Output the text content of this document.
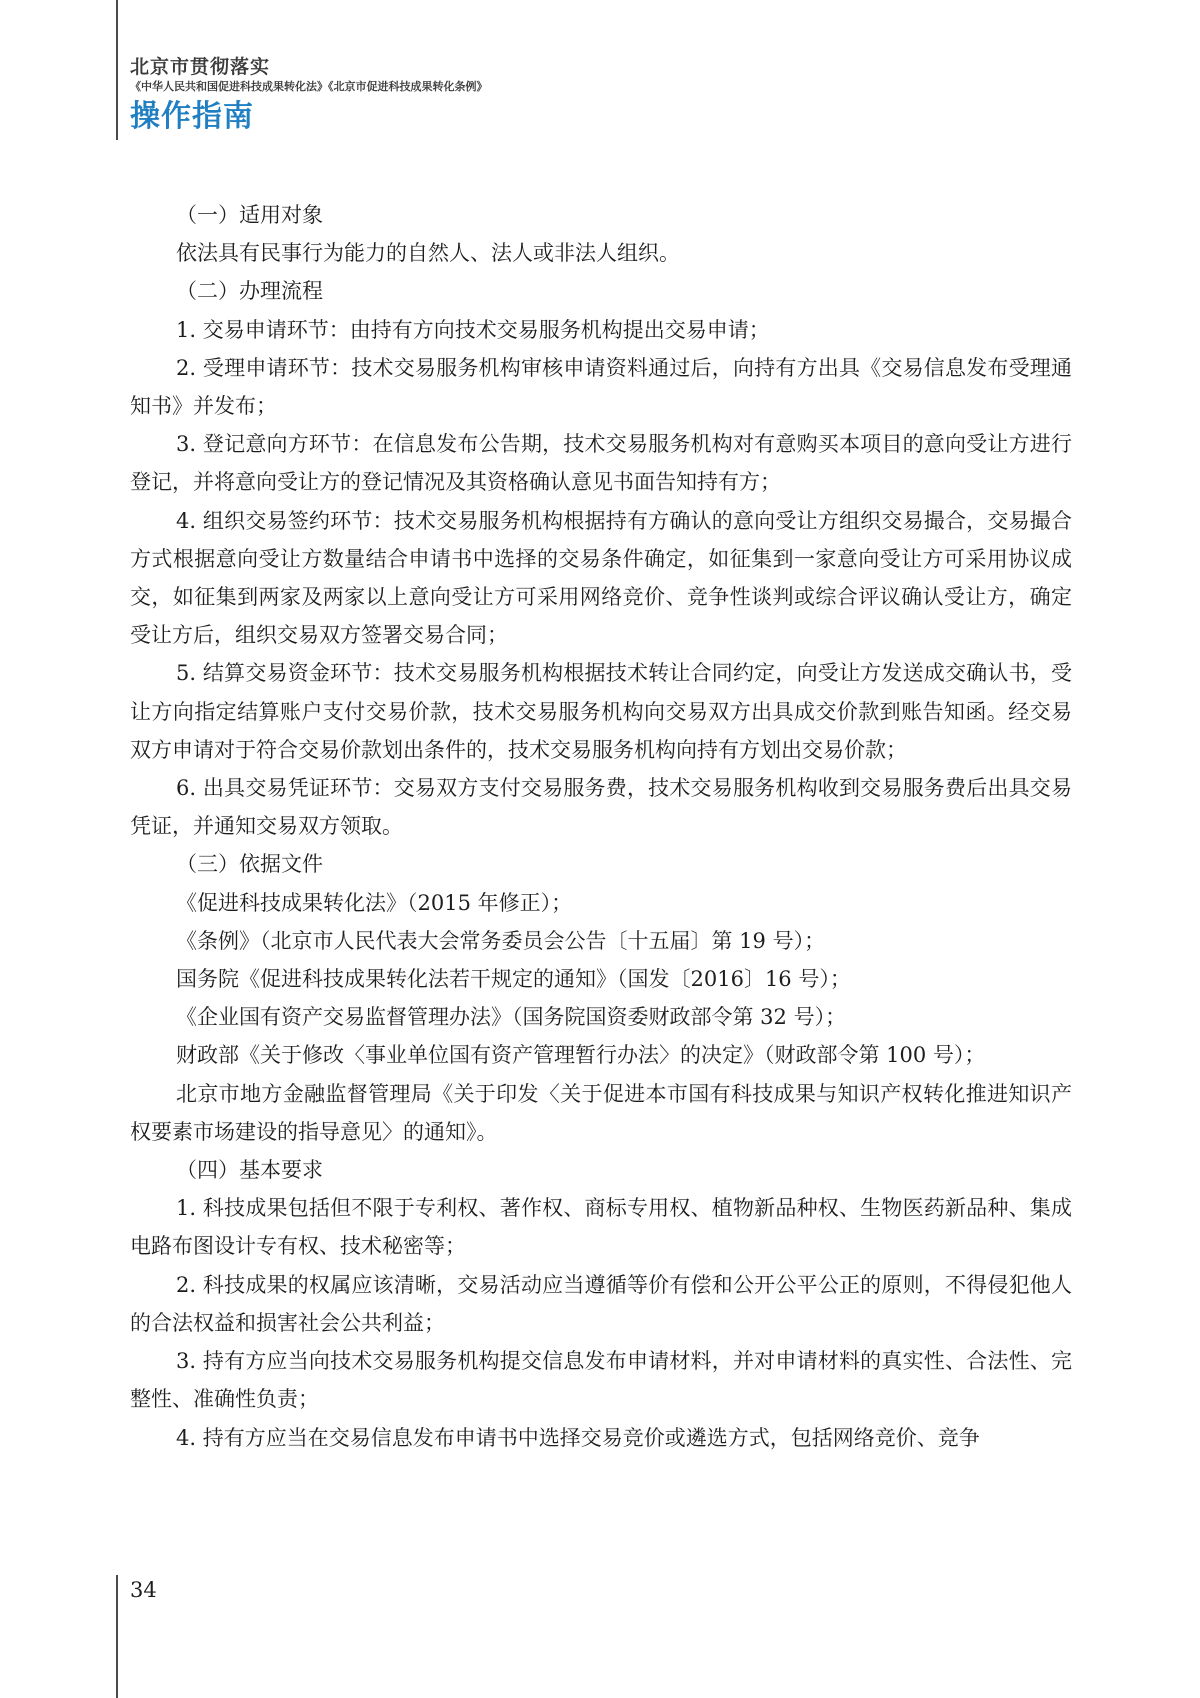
北京市贯彻落实
《中华人民共和国促进科技成果转化法》《北京市促进科技成果转化条例》
操作指南

（一）适用对象

依法具有民事行为能力的自然人、法人或非法人组织。

（二）办理流程

1. 交易申请环节：由持有方向技术交易服务机构提出交易申请；

2. 受理申请环节：技术交易服务机构审核申请资料通过后，向持有方出具《交易信息发布受理通知书》并发布；

3. 登记意向方环节：在信息发布公告期，技术交易服务机构对有意购买本项目的意向受让方进行登记，并将意向受让方的登记情况及其资格确认意见书面告知持有方；

4. 组织交易签约环节：技术交易服务机构根据持有方确认的意向受让方组织交易撮合，交易撮合方式根据意向受让方数量结合申请书中选择的交易条件确定，如征集到一家意向受让方可采用协议成交，如征集到两家及两家以上意向受让方可采用网络竞价、竞争性谈判或综合评议确认受让方，确定受让方后，组织交易双方签署交易合同；

5. 结算交易资金环节：技术交易服务机构根据技术转让合同约定，向受让方发送成交确认书，受让方向指定结算账户支付交易价款，技术交易服务机构向交易双方出具成交价款到账告知函。经交易双方申请对于符合交易价款划出条件的，技术交易服务机构向持有方划出交易价款；

6. 出具交易凭证环节：交易双方支付交易服务费，技术交易服务机构收到交易服务费后出具交易凭证，并通知交易双方领取。

（三）依据文件

《促进科技成果转化法》（2015 年修正）；

《条例》（北京市人民代表大会常务委员会公告〔十五届〕第 19 号）；

国务院《促进科技成果转化法若干规定的通知》（国发〔2016〕16 号）；

《企业国有资产交易监督管理办法》（国务院国资委财政部令第 32 号）；

财政部《关于修改〈事业单位国有资产管理暂行办法〉的决定》（财政部令第 100 号）；

北京市地方金融监督管理局《关于印发〈关于促进本市国有科技成果与知识产权转化推进知识产权要素市场建设的指导意见〉的通知》。

（四）基本要求

1. 科技成果包括但不限于专利权、著作权、商标专用权、植物新品种权、生物医药新品种、集成电路布图设计专有权、技术秘密等；

2. 科技成果的权属应该清晰，交易活动应当遵循等价有偿和公开公平公正的原则，不得侵犯他人的合法权益和损害社会公共利益；

3. 持有方应当向技术交易服务机构提交信息发布申请材料，并对申请材料的真实性、合法性、完整性、准确性负责；

4. 持有方应当在交易信息发布申请书中选择交易竞价或遴选方式，包括网络竞价、竞争

34
